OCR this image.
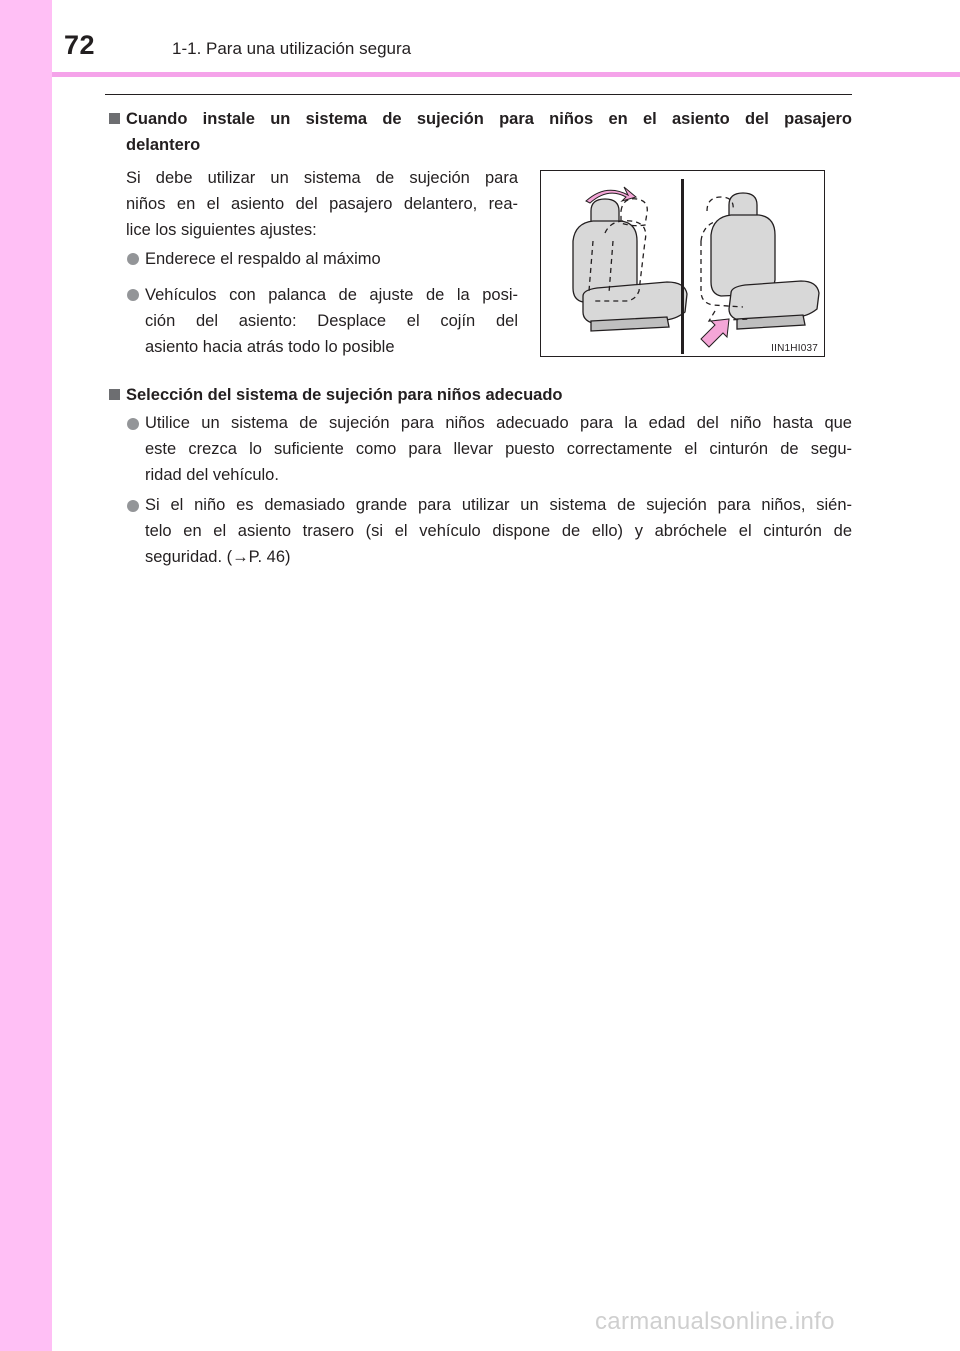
72	1-1. Para una utilización segura
Cuando instale un sistema de sujeción para niños en el asiento del pasajero
delantero
Si debe utilizar un sistema de sujeción para
niños en el asiento del pasajero delantero, rea-
lice los siguientes ajustes:
Enderece el respaldo al máximo
Vehículos con palanca de ajuste de la posi-
ción del asiento: Desplace el cojín del
asiento hacia atrás todo lo posible	IIN1HI037
Selección del sistema de sujeción para niños adecuado
Utilice un sistema de sujeción para niños adecuado para la edad del niño hasta que
este crezca lo suficiente como para llevar puesto correctamente el cinturón de segu-
ridad del vehículo.
Si el niño es demasiado grande para utilizar un sistema de sujeción para niños, sién-
telo en el asiento trasero (si el vehículo dispone de ello) y abróchele el cinturón de
seguridad. (→P. 46)
carmanualsonline.info
